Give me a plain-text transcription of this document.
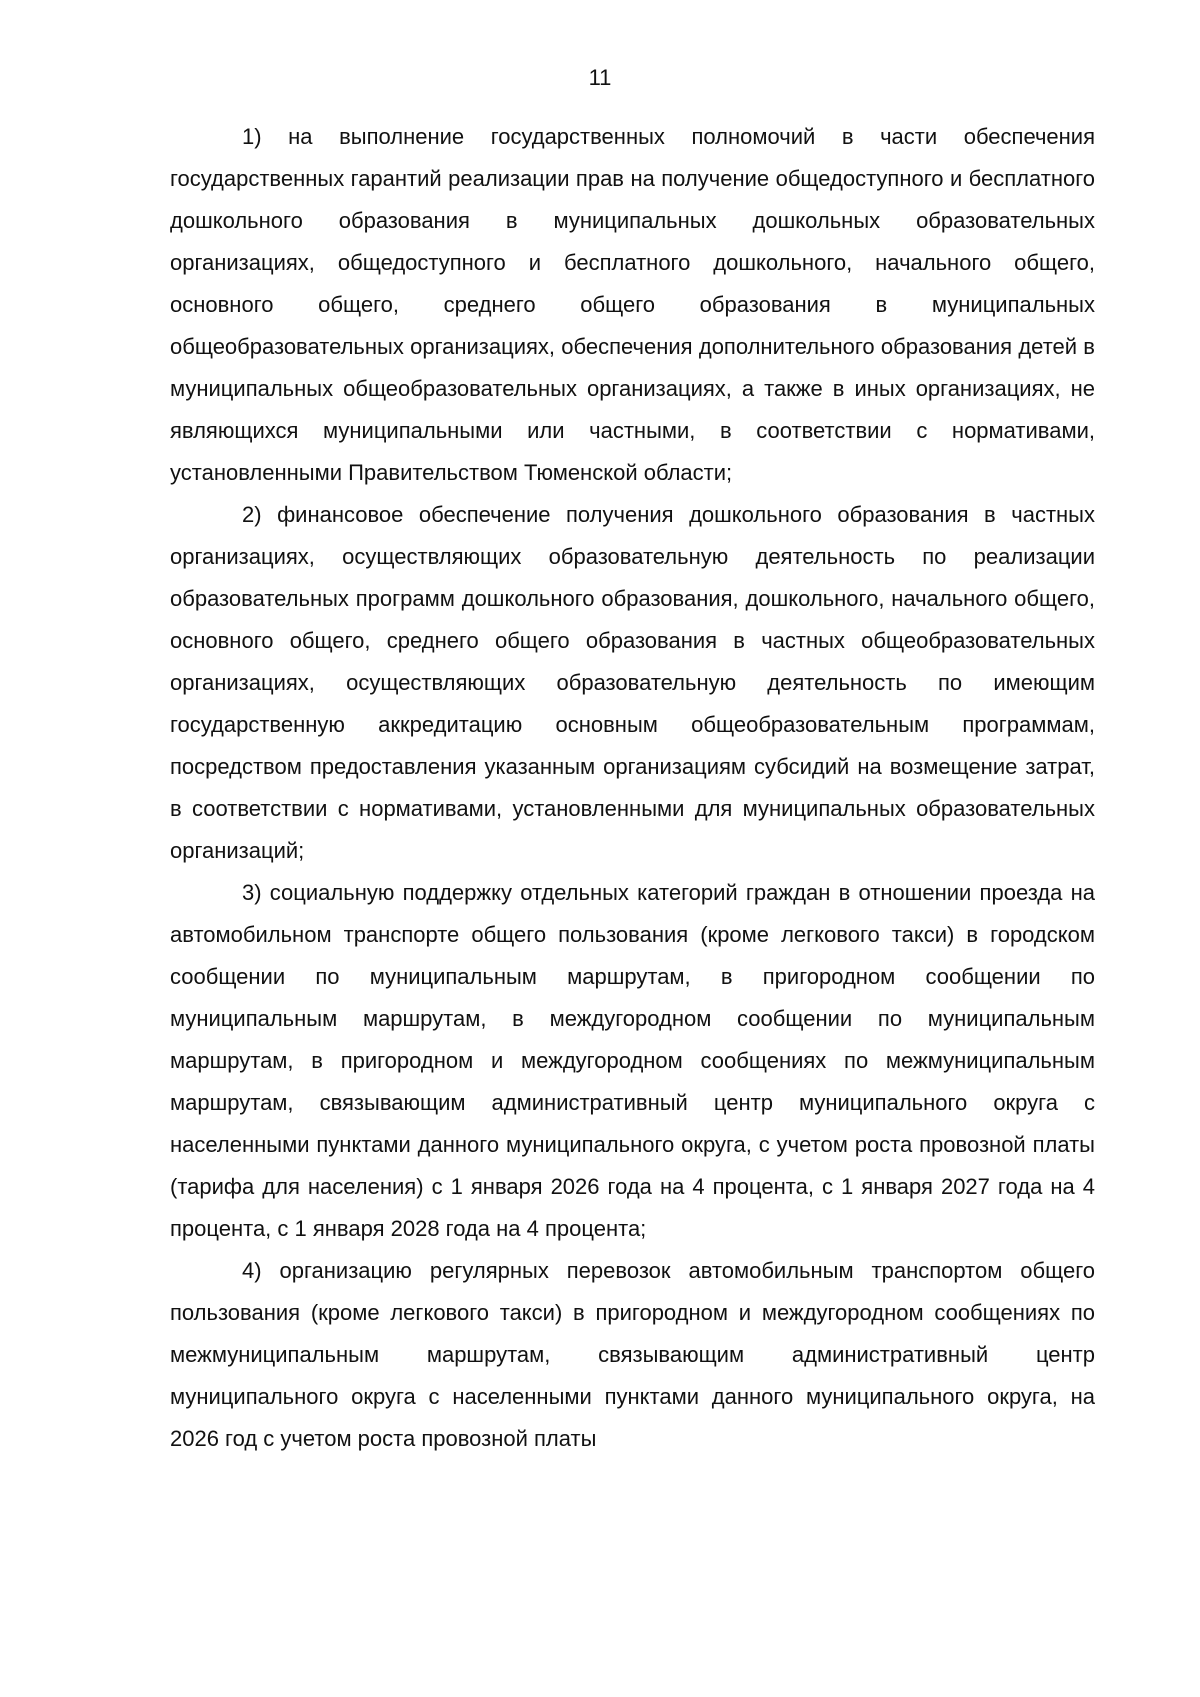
11

1) на выполнение государственных полномочий в части обеспечения государственных гарантий реализации прав на получение общедоступного и бесплатного дошкольного образования в муниципальных дошкольных образовательных организациях, общедоступного и бесплатного дошкольного, начального общего, основного общего, среднего общего образования в муниципальных общеобразовательных организациях, обеспечения дополнительного образования детей в муниципальных общеобразовательных организациях, а также в иных организациях, не являющихся муниципальными или частными, в соответствии с нормативами, установленными Правительством Тюменской области;

2) финансовое обеспечение получения дошкольного образования в частных организациях, осуществляющих образовательную деятельность по реализации образовательных программ дошкольного образования, дошкольного, начального общего, основного общего, среднего общего образования в частных общеобразовательных организациях, осуществляющих образовательную деятельность по имеющим государственную аккредитацию основным общеобразовательным программам, посредством предоставления указанным организациям субсидий на возмещение затрат, в соответствии с нормативами, установленными для муниципальных образовательных организаций;

3) социальную поддержку отдельных категорий граждан в отношении проезда на автомобильном транспорте общего пользования (кроме легкового такси) в городском сообщении по муниципальным маршрутам, в пригородном сообщении по муниципальным маршрутам, в междугородном сообщении по муниципальным маршрутам, в пригородном и междугородном сообщениях по межмуниципальным маршрутам, связывающим административный центр муниципального округа с населенными пунктами данного муниципального округа, с учетом роста провозной платы (тарифа для населения) с 1 января 2026 года на 4 процента, с 1 января 2027 года на 4 процента, с 1 января 2028 года на 4 процента;

4) организацию регулярных перевозок автомобильным транспортом общего пользования (кроме легкового такси) в пригородном и междугородном сообщениях по межмуниципальным маршрутам, связывающим административный центр муниципального округа с населенными пунктами данного муниципального округа, на 2026 год с учетом роста провозной платы
